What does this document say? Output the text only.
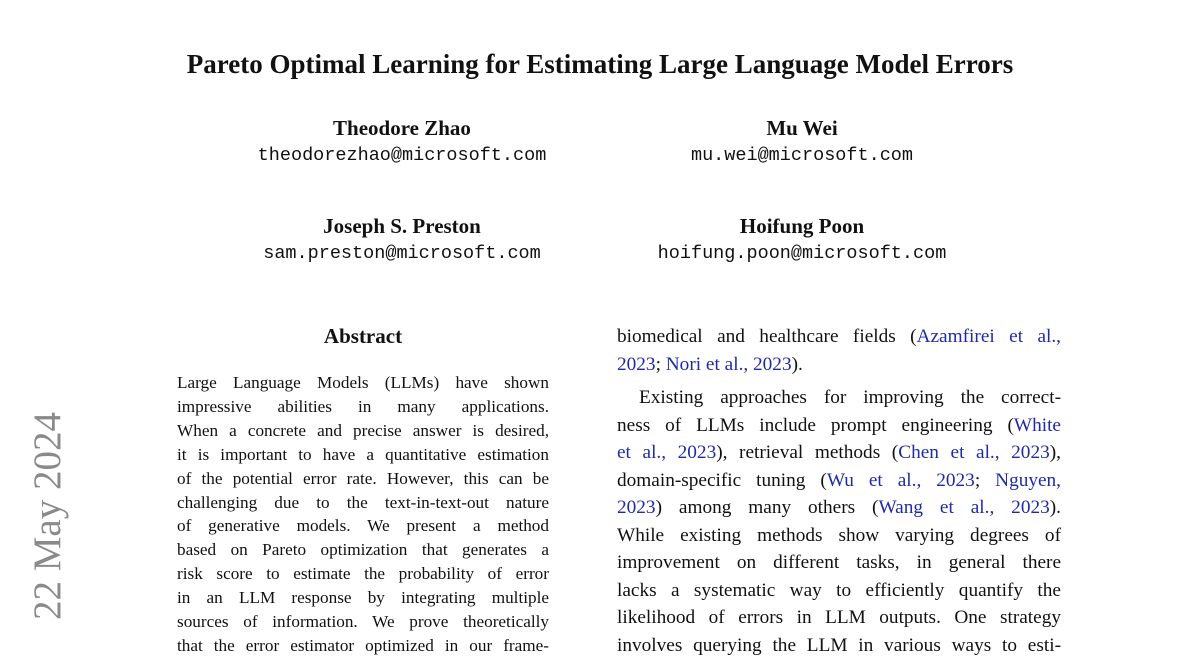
Pareto Optimal Learning for Estimating Large Language Model Errors
Theodore Zhao
theodorezhao@microsoft.com
Mu Wei
mu.wei@microsoft.com
Joseph S. Preston
sam.preston@microsoft.com
Hoifung Poon
hoifung.poon@microsoft.com
Abstract
Large Language Models (LLMs) have shown
impressive abilities in many applications.
When a concrete and precise answer is desired,
it is important to have a quantitative estimation
of the potential error rate. However, this can be
challenging due to the text-in-text-out nature
of generative models. We present a method
based on Pareto optimization that generates a
risk score to estimate the probability of error
in an LLM response by integrating multiple
sources of information. We prove theoretically
that the error estimator optimized in our frame-
biomedical and healthcare fields (Azamfirei et al.,
2023; Nori et al., 2023).
Existing approaches for improving the correct-
ness of LLMs include prompt engineering (White
et al., 2023), retrieval methods (Chen et al., 2023),
domain-specific tuning (Wu et al., 2023; Nguyen,
2023) among many others (Wang et al., 2023).
While existing methods show varying degrees of
improvement on different tasks, in general there
lacks a systematic way to efficiently quantify the
likelihood of errors in LLM outputs. One strategy
involves querying the LLM in various ways to esti-
22 May 2024
